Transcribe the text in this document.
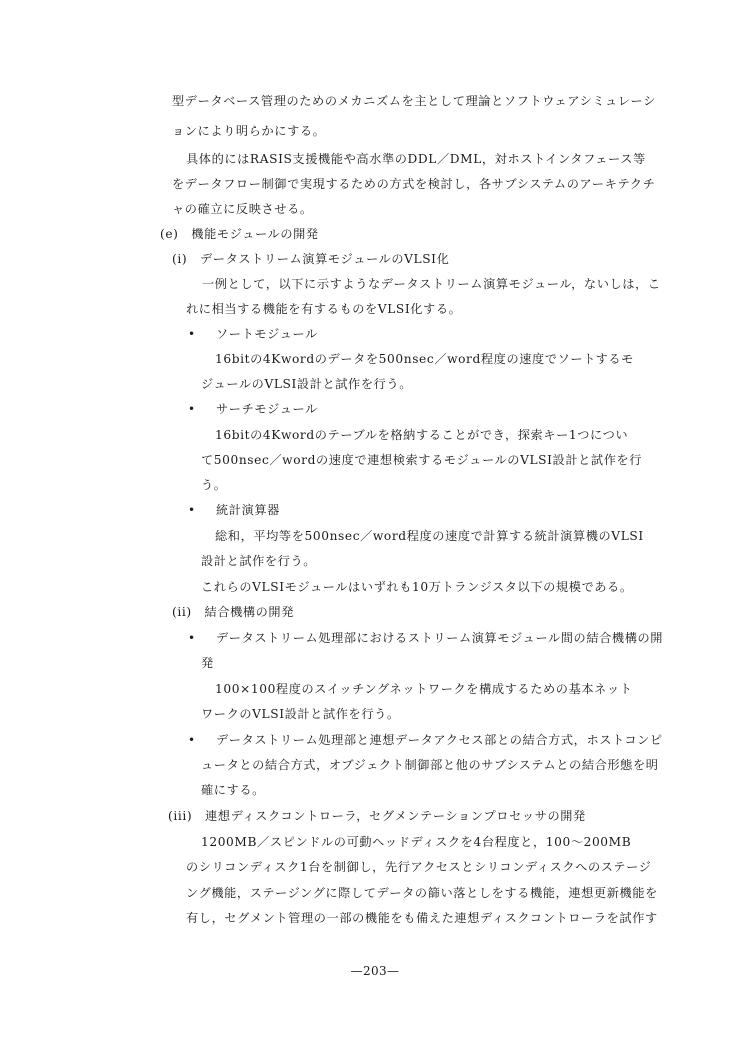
型データベース管理のためのメカニズムを主として理論とソフトウェアシミュレーシ
ョンにより明らかにする。
具体的にはRASIS支援機能や高水準のDDL／DML，対ホストインタフェース等
をデータフロー制御で実現するための方式を検討し，各サブシステムのアーキテクチ
ャの確立に反映させる。
(e)　機能モジュールの開発
(i)　データストリーム演算モジュールのVLSI化
一例として，以下に示すようなデータストリーム演算モジュール，ないしは，こ
れに相当する機能を有するものをVLSI化する。
• ソートモジュール
16bitの4Kwordのデータを500nsec／word程度の速度でソートするモ
ジュールのVLSI設計と試作を行う。
• サーチモジュール
16bitの4Kwordのテーブルを格納することができ，探索キー1つについ
て500nsec／wordの速度で連想検索するモジュールのVLSI設計と試作を行
う。
• 統計演算器
総和，平均等を500nsec／word程度の速度で計算する統計演算機のVLSI
設計と試作を行う。
これらのVLSIモジュールはいずれも10万トランジスタ以下の規模である。
(ii)　結合機構の開発
• データストリーム処理部におけるストリーム演算モジュール間の結合機構の開
発
100×100程度のスイッチングネットワークを構成するための基本ネット
ワークのVLSI設計と試作を行う。
• データストリーム処理部と連想データアクセス部との結合方式，ホストコンピ
ュータとの結合方式，オブジェクト制御部と他のサブシステムとの結合形態を明
確にする。
(iii)　連想ディスクコントローラ，セグメンテーションプロセッサの開発
1200MB／スピンドルの可動ヘッドディスクを4台程度と，100〜200MB
のシリコンディスク1台を制御し，先行アクセスとシリコンディスクへのステージ
ング機能，ステージングに際してデータの篩い落としをする機能，連想更新機能を
有し，セグメント管理の一部の機能をも備えた連想ディスクコントローラを試作す
—203—
